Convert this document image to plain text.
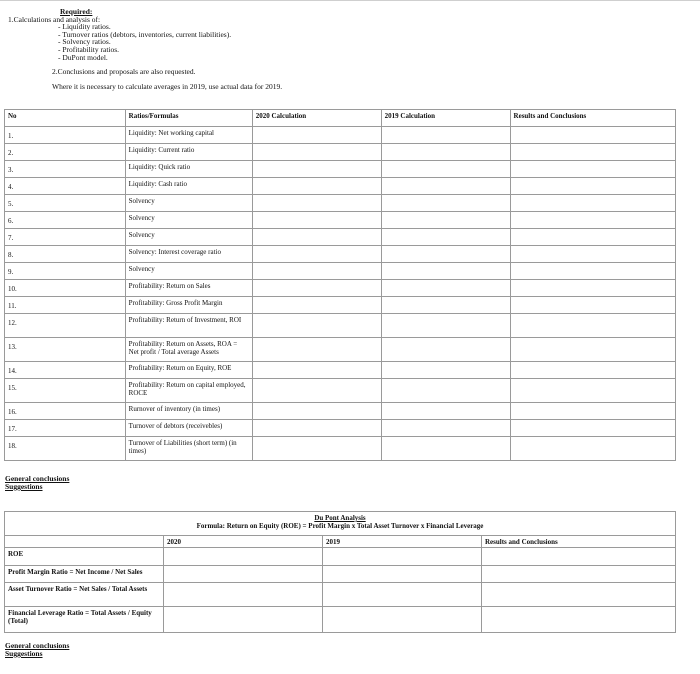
Required:
1.Calculations and analysis of:
- Liquidity ratios.
- Turnover ratios (debtors, inventories, current liabilities).
- Solvency ratios.
- Profitability ratios.
- DuPont model.
2.Conclusions and proposals are also requested.
Where it is necessary to calculate averages in 2019, use actual data for 2019.
No	Ratios/Formulas	2020 Calculation	2019 Calculation	Results and Conclusions
1.	Liquidity: Net working capital			
2.	Liquidity: Current ratio			
3.	Liquidity: Quick ratio			
4.	Liquidity: Cash ratio			
5.	Solvency			
6.	Solvency			
7.	Solvency			
8.	Solvency: Interest coverage ratio			
9.	Solvency			
10.	Profitability: Return on Sales			
11.	Profitability: Gross Profit Margin			
12.	Profitability: Return of Investment, ROI			
13.	Profitability: Return on Assets, ROA = Net profit / Total average Assets			
14.	Profitability: Return on Equity, ROE			
15.	Profitability: Return on capital employed, ROCE			
16.	Rurnover of inventory (in times)			
17.	Turnover of debtors (receivebles)			
18.	Turnover of Liabilities (short term) (in times)			
General conclusions
Suggestions
Du Pont Analysis
Formula: Return on Equity (ROE) = Profit Margin x Total Asset Turnover x Financial Leverage			

	2020	2019	Results and Conclusions
ROE			
Profit Margin Ratio = Net Income / Net Sales			
Asset Turnover Ratio = Net Sales / Total Assets			
Financial Leverage Ratio = Total Assets / Equity (Total)			
General conclusions
Suggestions
